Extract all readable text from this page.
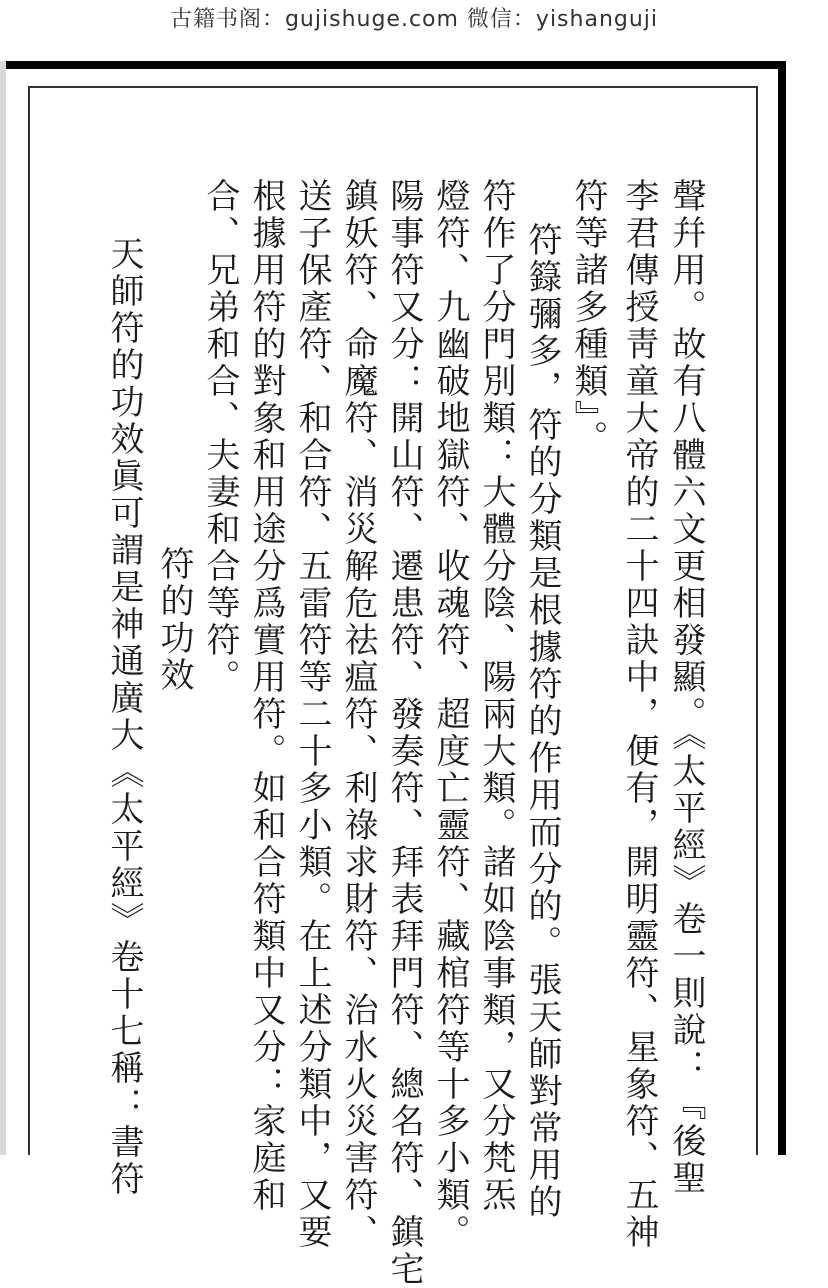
古籍书阁：gujishuge.com 微信：yishanguji
聲幷用。故有八體六文更相發顯。《太平經》卷一則說：『後聖
李君傳授靑童大帝的二十四訣中，便有，開明靈符、星象符、五神
符等諸多種類』。
符籙彌多，符的分類是根據符的作用而分的。張天師對常用的
符作了分門別類：大體分陰、陽兩大類。諸如陰事類，又分梵炁
燈符、九幽破地獄符、收魂符、超度亡靈符、藏棺符等十多小類。
陽事符又分：開山符、遷患符、發奏符、拜表拜門符、總名符、鎮宅
鎮妖符、命魔符、消災解危祛瘟符、利祿求財符、治水火災害符、
送子保產符、和合符、五雷符等二十多小類。在上述分類中，又要
根據用符的對象和用途分爲實用符。如和合符類中又分：家庭和
合、兄弟和合、夫妻和合等符。
符的功效
天師符的功效眞可謂是神通廣大《太平經》卷十七稱：書符
